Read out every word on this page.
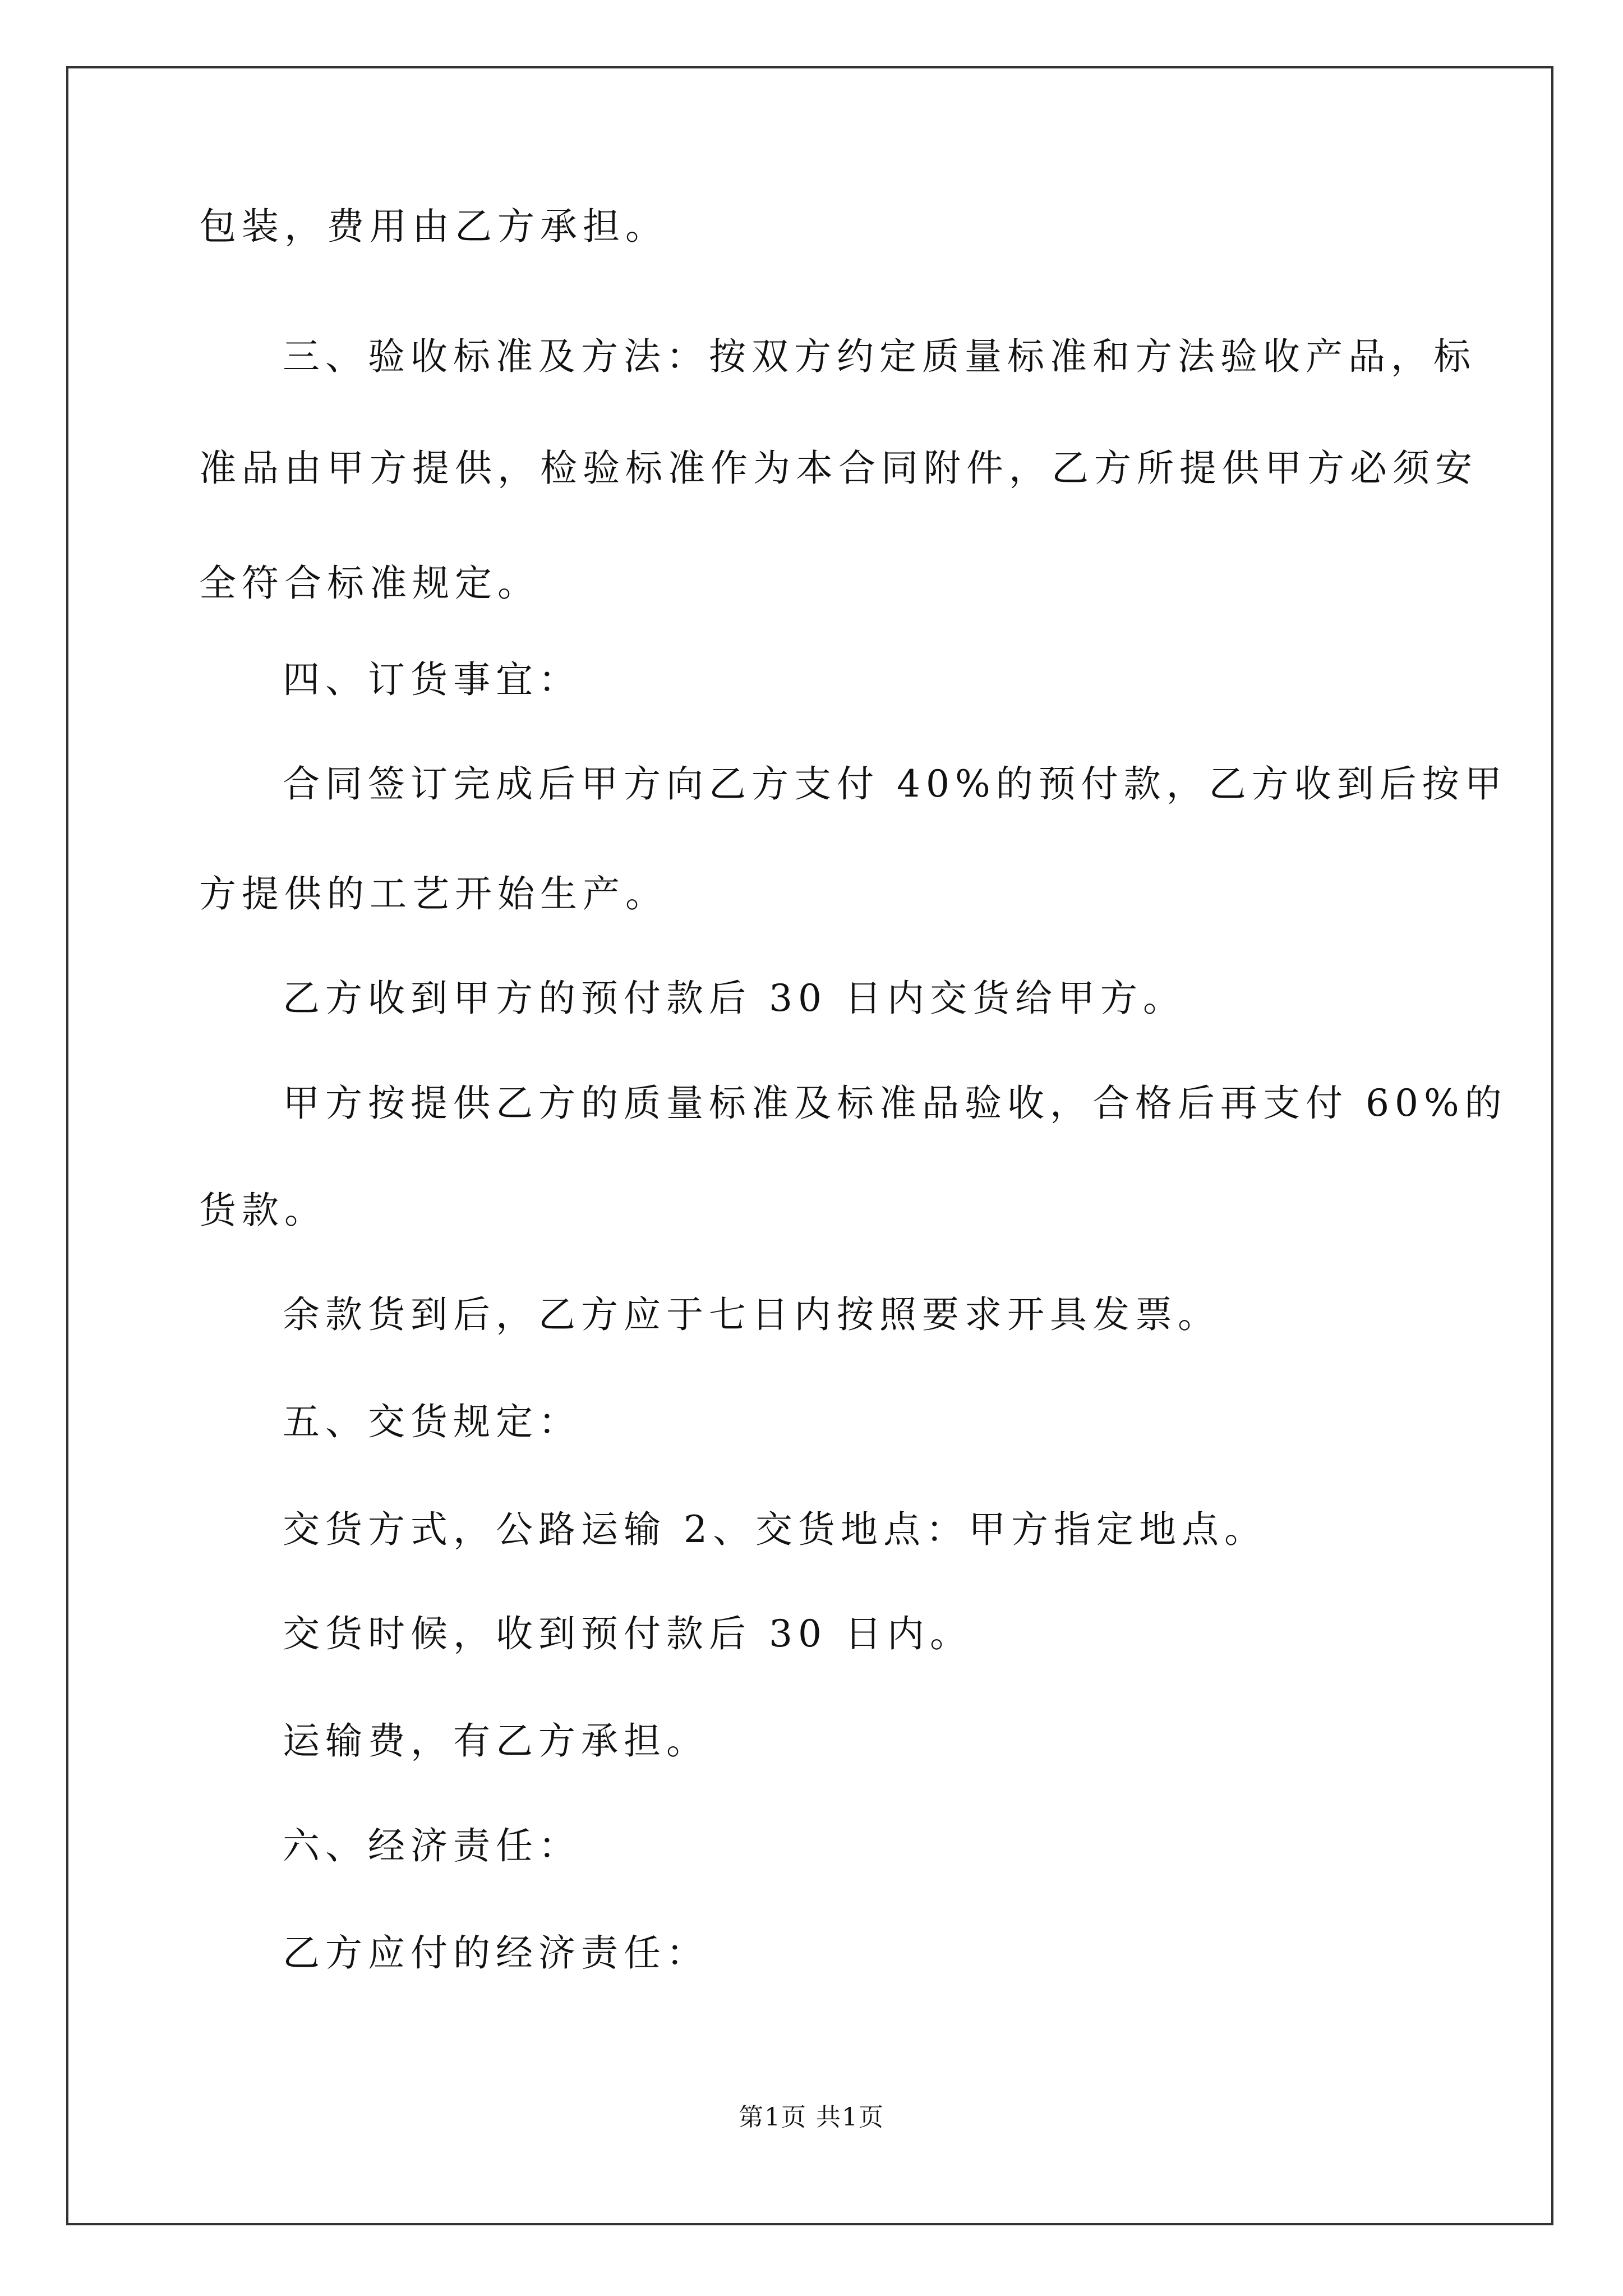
包装，费用由乙方承担。
三、验收标准及方法：按双方约定质量标准和方法验收产品，标
准品由甲方提供，检验标准作为本合同附件，乙方所提供甲方必须安
全符合标准规定。
四、订货事宜：
合同签订完成后甲方向乙方支付 40%的预付款，乙方收到后按甲
方提供的工艺开始生产。
乙方收到甲方的预付款后 30 日内交货给甲方。
甲方按提供乙方的质量标准及标准品验收，合格后再支付 60%的
货款。
余款货到后，乙方应于七日内按照要求开具发票。
五、交货规定：
交货方式，公路运输 2、交货地点：甲方指定地点。
交货时候，收到预付款后 30 日内。
运输费，有乙方承担。
六、经济责任：
乙方应付的经济责任：
第1页 共1页
